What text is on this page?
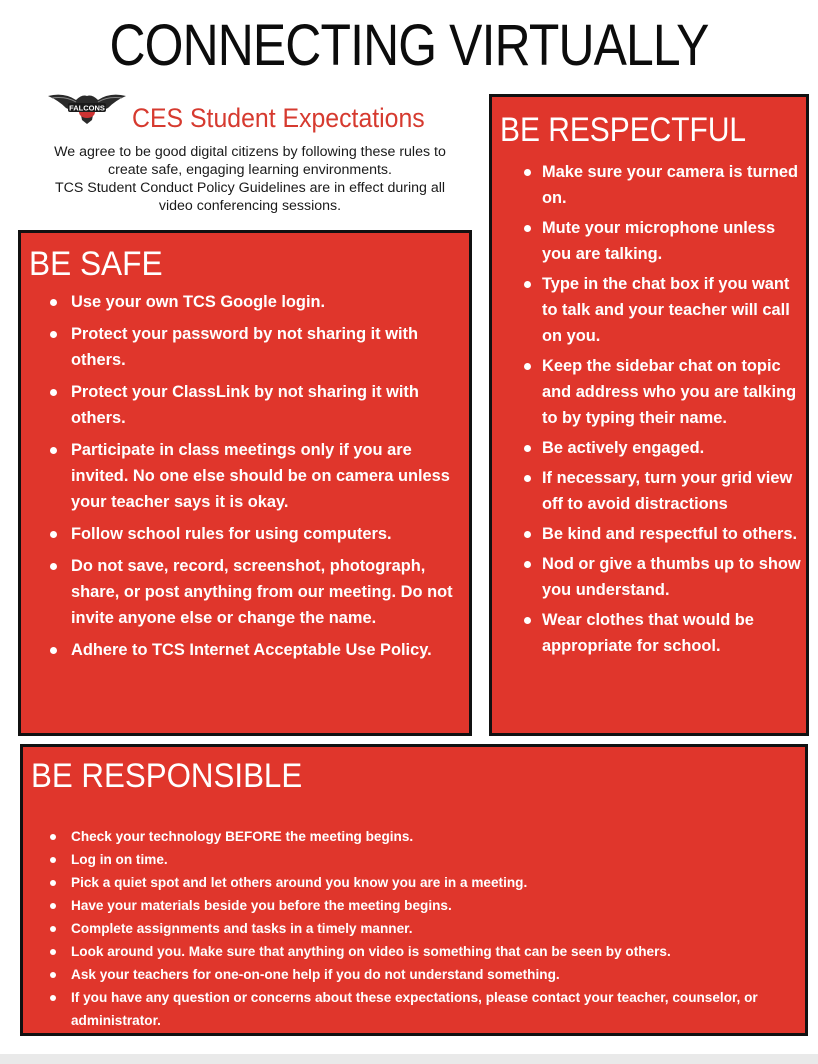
CONNECTING VIRTUALLY
FALCONS CES Student Expectations

We agree to be good digital citizens by following these rules to

create safe, engaging learning environments.

TCS Student Conduct Policy Guidelines are in effect during all

video conferencing sessions.

BE SAFE
Use your own TCS Google login.
Protect your password by not sharing it with others.
Protect your ClassLink by not sharing it with others.
Participate in class meetings only if you are invited. No one else should be on camera unless your teacher says it is okay.
Follow school rules for using computers.
Do not save, record, screenshot, photograph, share, or post anything from our meeting. Do not invite anyone else or change the name.
Adhere to TCS Internet Acceptable Use Policy.
BE RESPECTFUL
Make sure your camera is turned on.
Mute your microphone unless you are talking.
Type in the chat box if you want to talk and your teacher will call on you.
Keep the sidebar chat on topic and address who you are talking to by typing their name.
Be actively engaged.
If necessary, turn your grid view off to avoid distractions
Be kind and respectful to others.
Nod or give a thumbs up to show you understand.
Wear clothes that would be appropriate for school.
BE RESPONSIBLE
Check your technology BEFORE the meeting begins.
Log in on time.
Pick a quiet spot and let others around you know you are in a meeting.
Have your materials beside you before the meeting begins.
Complete assignments and tasks in a timely manner.
Look around you. Make sure that anything on video is something that can be seen by others.
Ask your teachers for one-on-one help if you do not understand something.
If you have any question or concerns about these expectations, please contact your teacher, counselor, or administrator.
